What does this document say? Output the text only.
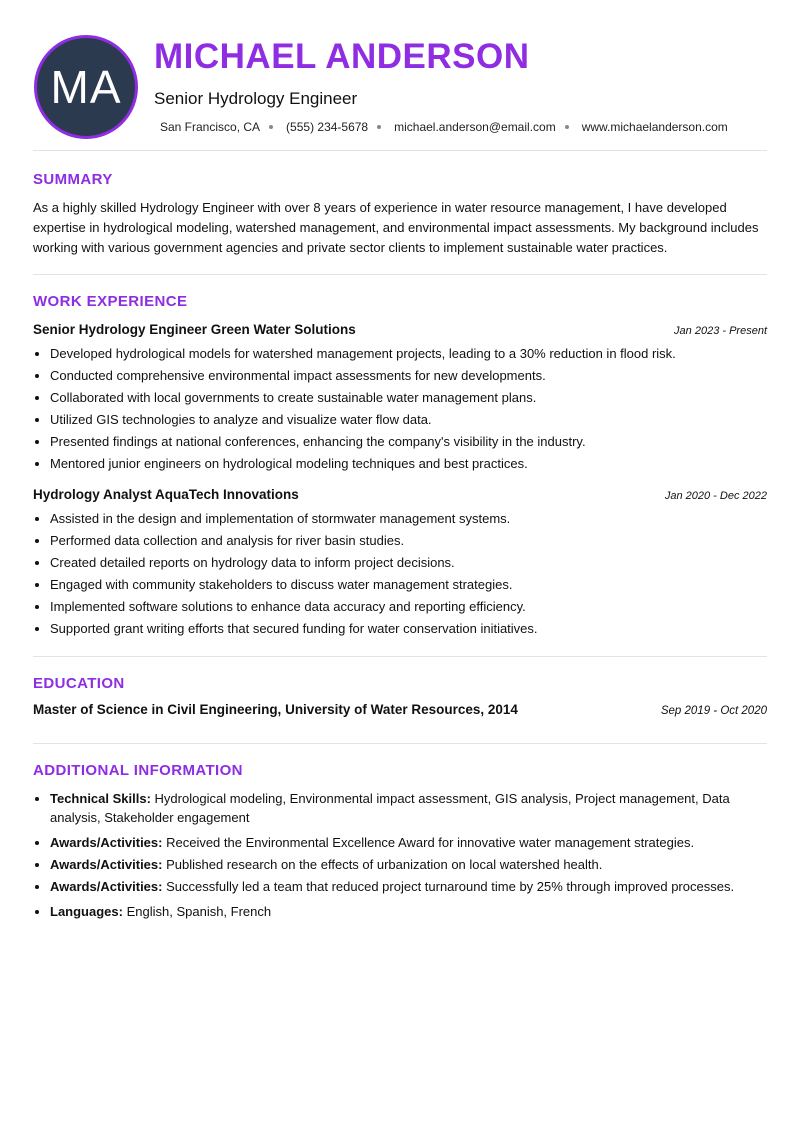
MA
MICHAEL ANDERSON
Senior Hydrology Engineer
San Francisco, CA (555) 234-5678 michael.anderson@email.com www.michaelanderson.com
SUMMARY

As a highly skilled Hydrology Engineer with over 8 years of experience in water resource management, I have developed expertise in hydrological modeling, watershed management, and environmental impact assessments. My background includes working with various government agencies and private sector clients to implement sustainable water practices.

WORK EXPERIENCE
Senior Hydrology Engineer Green Water Solutions	Jan 2023 - Present
• Developed hydrological models for watershed management projects, leading to a 30% reduction in flood risk.
• Conducted comprehensive environmental impact assessments for new developments.
• Collaborated with local governments to create sustainable water management plans.
• Utilized GIS technologies to analyze and visualize water flow data.
• Presented findings at national conferences, enhancing the company's visibility in the industry.
• Mentored junior engineers on hydrological modeling techniques and best practices.
Hydrology Analyst AquaTech Innovations	Jan 2020 - Dec 2022
• Assisted in the design and implementation of stormwater management systems.
• Performed data collection and analysis for river basin studies.
• Created detailed reports on hydrology data to inform project decisions.
• Engaged with community stakeholders to discuss water management strategies.
• Implemented software solutions to enhance data accuracy and reporting efficiency.
• Supported grant writing efforts that secured funding for water conservation initiatives.
EDUCATION
Master of Science in Civil Engineering, University of Water Resources, 2014	Sep 2019 - Oct 2020
ADDITIONAL INFORMATION
• Technical Skills: Hydrological modeling, Environmental impact assessment, GIS analysis, Project management, Data analysis, Stakeholder engagement
• Awards/Activities: Received the Environmental Excellence Award for innovative water management strategies.
• Awards/Activities: Published research on the effects of urbanization on local watershed health.
• Awards/Activities: Successfully led a team that reduced project turnaround time by 25% through improved processes.
• Languages: English, Spanish, French
